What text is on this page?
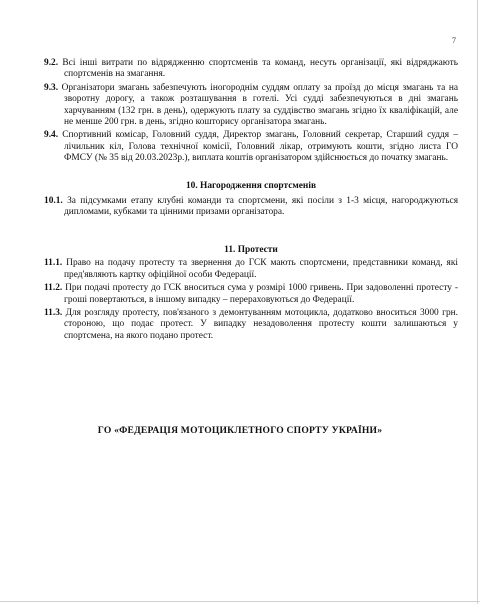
7

9.2. Всі інші витрати по відрядженню спортсменів та команд, несуть організації, які відряджають спортсменів на змагання.

9.3. Організатори змагань забезпечують іногороднім суддям оплату за проїзд до місця змагань та на зворотну дорогу, а також розташування в готелі. Усі судді забезпечуються в дні змагань харчуванням (132 грн. в день), одержують плату за суддівство змагань згідно їх кваліфікацій, але не менше 200 грн. в день, згідно кошторису організатора змагань.

9.4. Спортивний комісар, Головний суддя, Директор змагань, Головний секретар, Старший суддя – лічильник кіл, Голова технічної комісії, Головний лікар, отримують кошти, згідно листа ГО ФМСУ (№ 35 від 20.03.2023р.), виплата коштів організатором здійснюється до початку змагань.

10. Нагородження спортсменів

10.1. За підсумками етапу клубні команди та спортсмени, які посіли з 1-3 місця, нагороджуються дипломами, кубками та цінними призами організатора.

11. Протести

11.1. Право на подачу протесту та звернення до ГСК мають спортсмени, представники команд, які пред'являють картку офіційної особи Федерації.

11.2. При подачі протесту до ГСК вноситься сума у розмірі 1000 гривень. При задоволенні протесту - гроші повертаються, в іншому випадку – перераховуються до Федерації.

11.3. Для розгляду протесту, пов'язаного з демонтуванням мотоцикла, додатково вноситься 3000 грн. стороною, що подає протест. У випадку незадоволення протесту кошти залишаються у спортсмена, на якого подано протест.

ГО «ФЕДЕРАЦІЯ МОТОЦИКЛЕТНОГО СПОРТУ УКРАЇНИ»
